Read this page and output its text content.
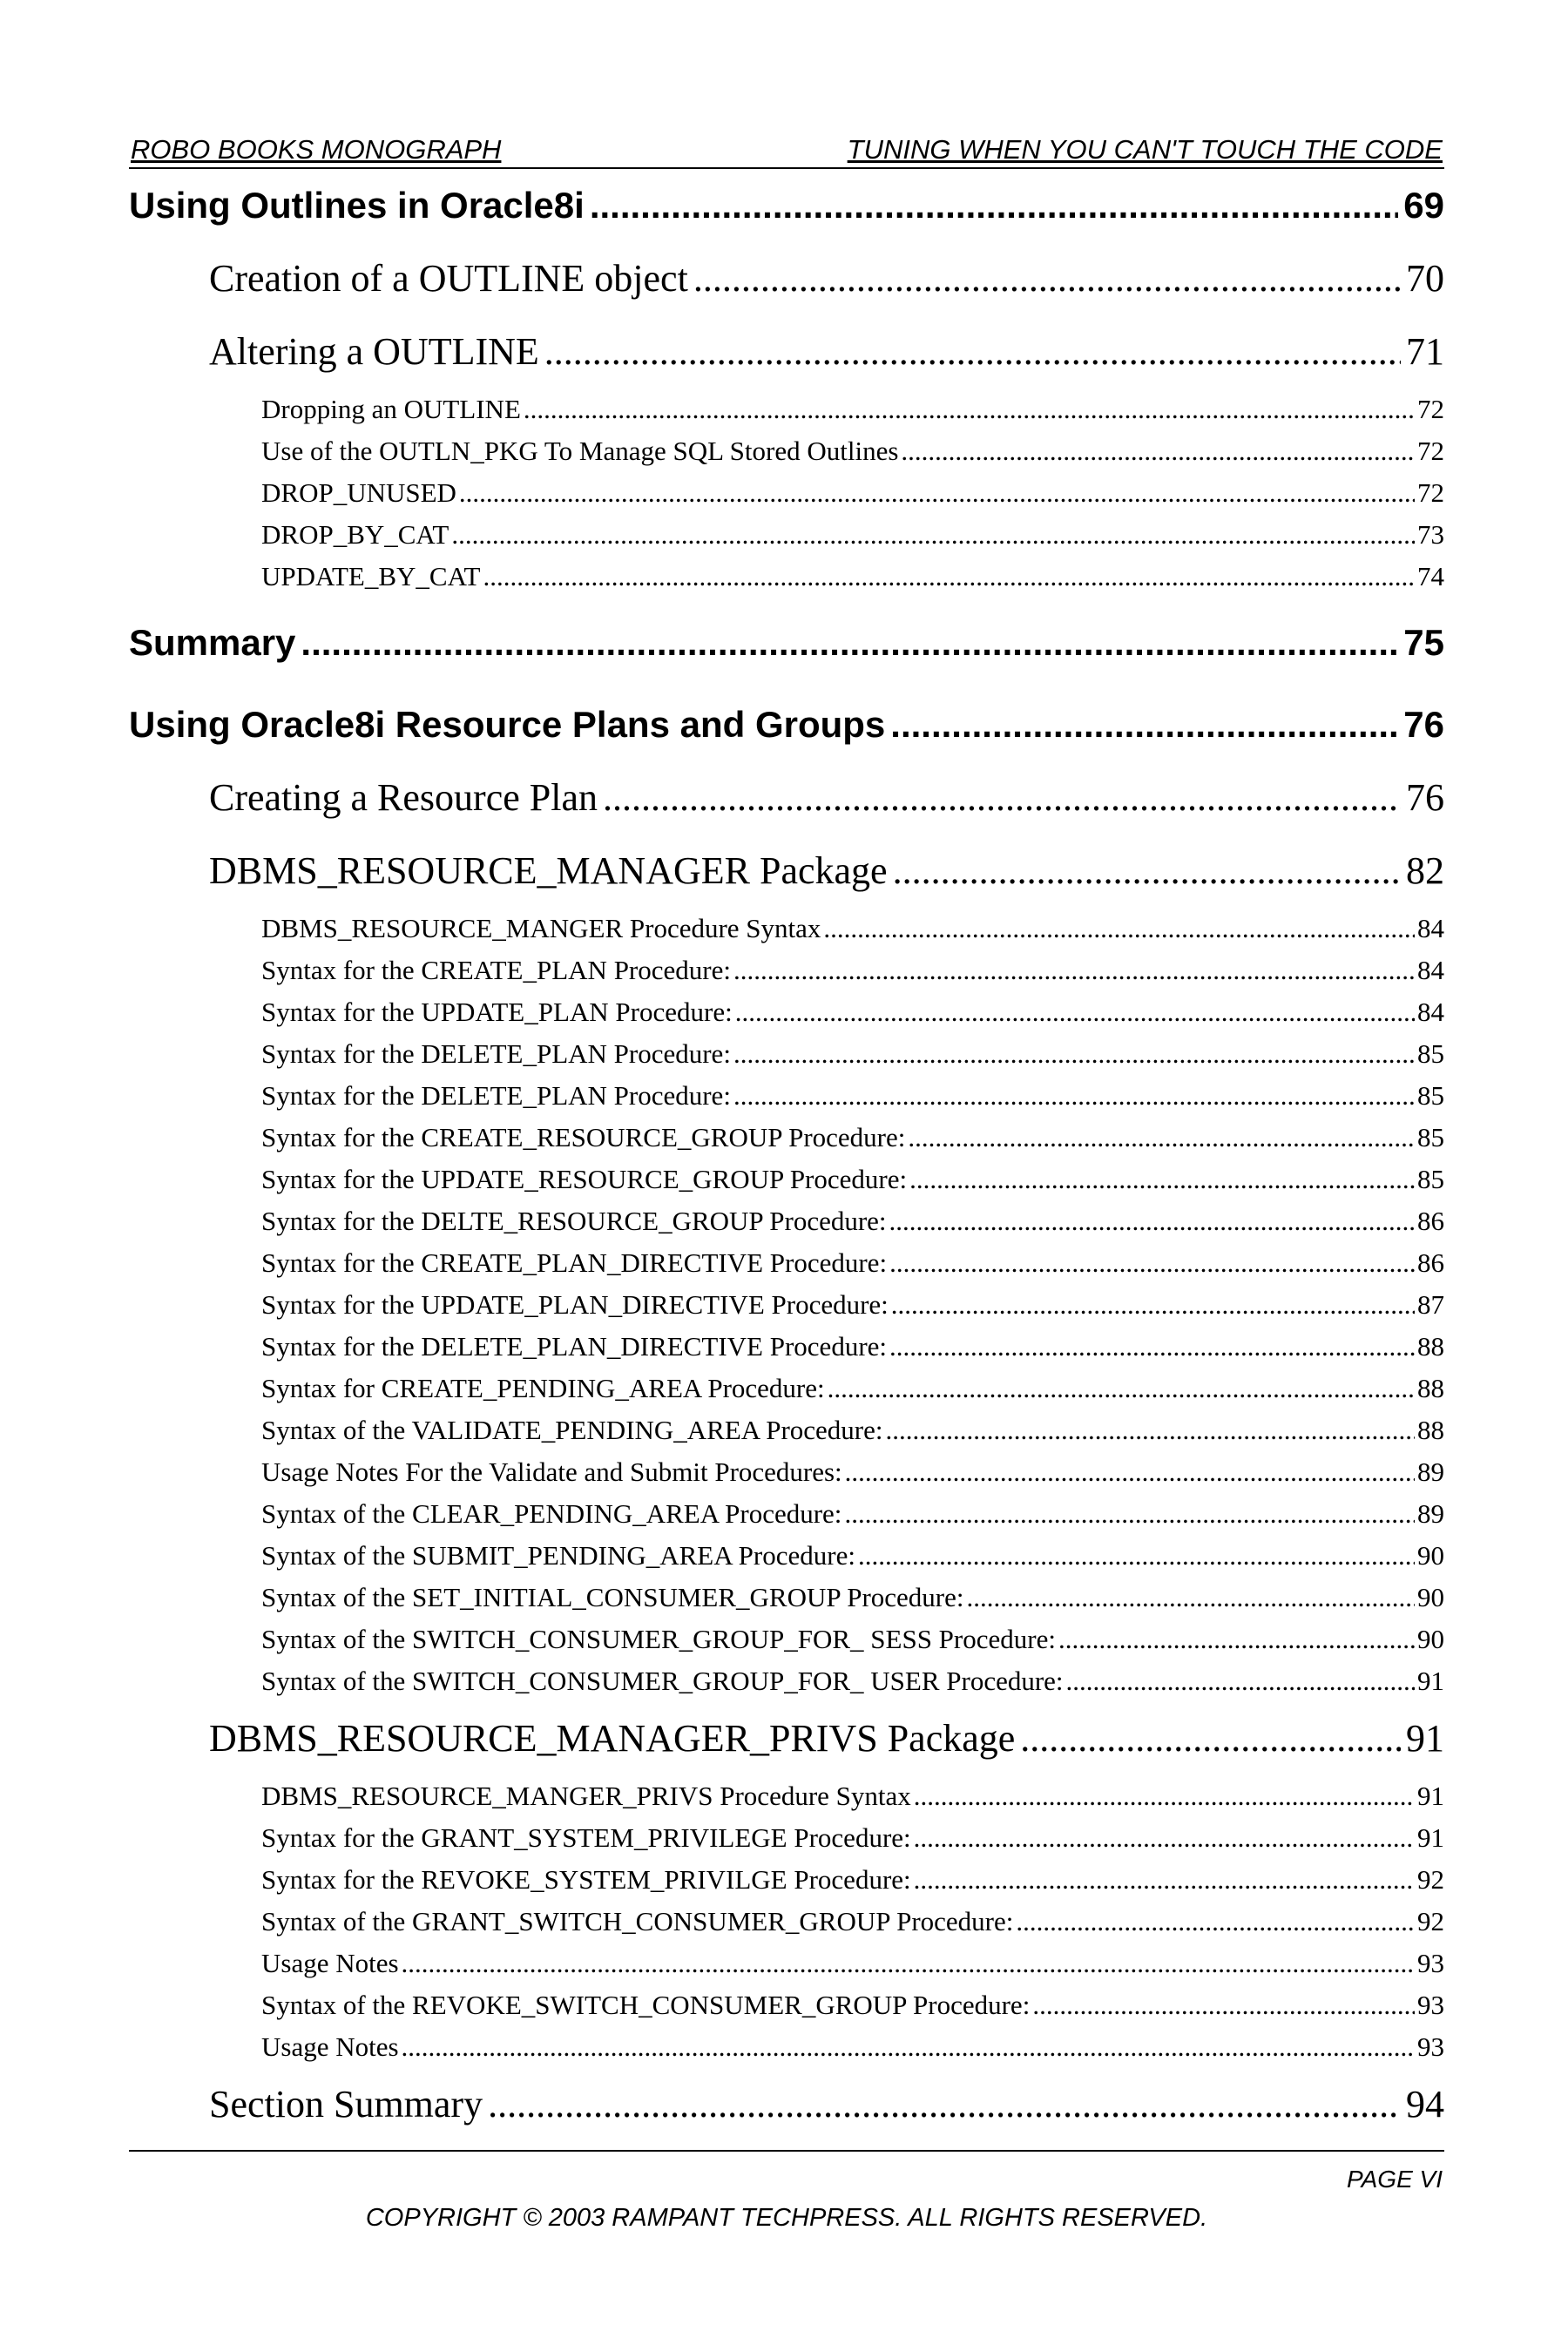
ROBO BOOKS MONOGRAPH	TUNING WHEN YOU CAN'T TOUCH THE CODE
Using Outlines in Oracle8i .....	69
Creation of a OUTLINE object .....	70
Altering a OUTLINE .....	71
Dropping an OUTLINE .....	72
Use of the OUTLN_PKG To Manage SQL Stored Outlines .....	72
DROP_UNUSED .....	72
DROP_BY_CAT .....	73
UPDATE_BY_CAT .....	74
Summary .....	75
Using Oracle8i Resource Plans and Groups .....	76
Creating a Resource Plan .....	76
DBMS_RESOURCE_MANAGER Package .....	82
DBMS_RESOURCE_MANGER Procedure Syntax .....	84
Syntax for the CREATE_PLAN Procedure: .....	84
Syntax for the UPDATE_PLAN Procedure: .....	84
Syntax for the DELETE_PLAN Procedure: .....	85
Syntax for the DELETE_PLAN Procedure: .....	85
Syntax for the CREATE_RESOURCE_GROUP Procedure: .....	85
Syntax for the UPDATE_RESOURCE_GROUP Procedure: .....	85
Syntax for the DELTE_RESOURCE_GROUP Procedure: .....	86
Syntax for the CREATE_PLAN_DIRECTIVE Procedure: .....	86
Syntax for the UPDATE_PLAN_DIRECTIVE Procedure: .....	87
Syntax for the DELETE_PLAN_DIRECTIVE Procedure: .....	88
Syntax for CREATE_PENDING_AREA Procedure: .....	88
Syntax of the VALIDATE_PENDING_AREA Procedure: .....	88
Usage Notes For the Validate and Submit Procedures: .....	89
Syntax of the CLEAR_PENDING_AREA Procedure: .....	89
Syntax of the SUBMIT_PENDING_AREA Procedure: .....	90
Syntax of the SET_INITIAL_CONSUMER_GROUP Procedure: .....	90
Syntax of the SWITCH_CONSUMER_GROUP_FOR_ SESS Procedure: .....	90
Syntax of the SWITCH_CONSUMER_GROUP_FOR_ USER Procedure: .....	91
DBMS_RESOURCE_MANAGER_PRIVS Package .....	91
DBMS_RESOURCE_MANGER_PRIVS Procedure Syntax .....	91
Syntax for the GRANT_SYSTEM_PRIVILEGE Procedure: .....	91
Syntax for the REVOKE_SYSTEM_PRIVILGE Procedure: .....	92
Syntax of the GRANT_SWITCH_CONSUMER_GROUP Procedure: .....	92
Usage Notes .....	93
Syntax of the REVOKE_SWITCH_CONSUMER_GROUP Procedure: .....	93
Usage Notes .....	93
Section Summary .....	94
PAGE VI
COPYRIGHT © 2003 RAMPANT TECHPRESS. ALL RIGHTS RESERVED.
